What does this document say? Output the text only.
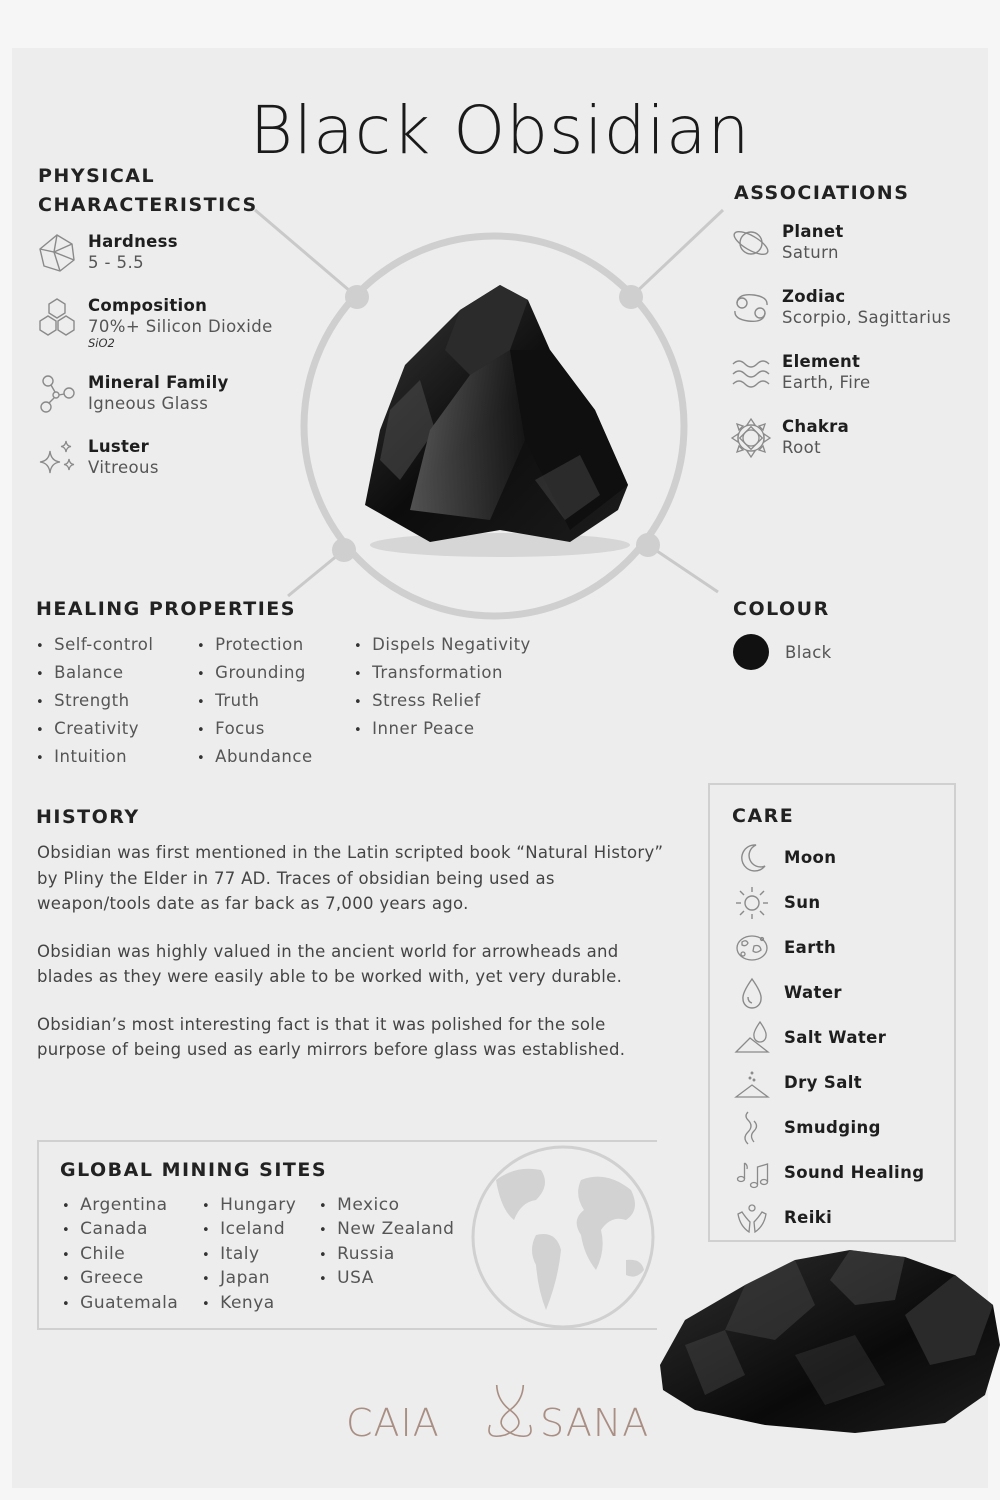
Black Obsidian
PHYSICAL
CHARACTERISTICS
Hardness
5 - 5.5
Composition
70%+ Silicon Dioxide
SiO2
Mineral Family
Igneous Glass
Luster
Vitreous
ASSOCIATIONS
Planet
Saturn
Zodiac
Scorpio, Sagittarius
Element
Earth, Fire
Chakra
Root
HEALING PROPERTIES
• Self-control
• Balance
• Strength
• Creativity
• Intuition
• Protection
• Grounding
• Truth
• Focus
• Abundance
• Dispels Negativity
• Transformation
• Stress Relief
• Inner Peace
COLOUR
Black
HISTORY

Obsidian was first mentioned in the Latin scripted book “Natural History” by Pliny the Elder in 77 AD. Traces of obsidian being used as weapon/tools date as far back as 7,000 years ago.

Obsidian was highly valued in the ancient world for arrowheads and blades as they were easily able to be worked with, yet very durable.

Obsidian’s most interesting fact is that it was polished for the sole purpose of being used as early mirrors before glass was established.

CARE
Moon
Sun
Earth
Water
Salt Water
Dry Salt
Smudging
Sound Healing
Reiki
GLOBAL MINING SITES
• Argentina
• Canada
• Chile
• Greece
• Guatemala
• Hungary
• Iceland
• Italy
• Japan
• Kenya
• Mexico
• New Zealand
• Russia
• USA
CAIA	SANA
